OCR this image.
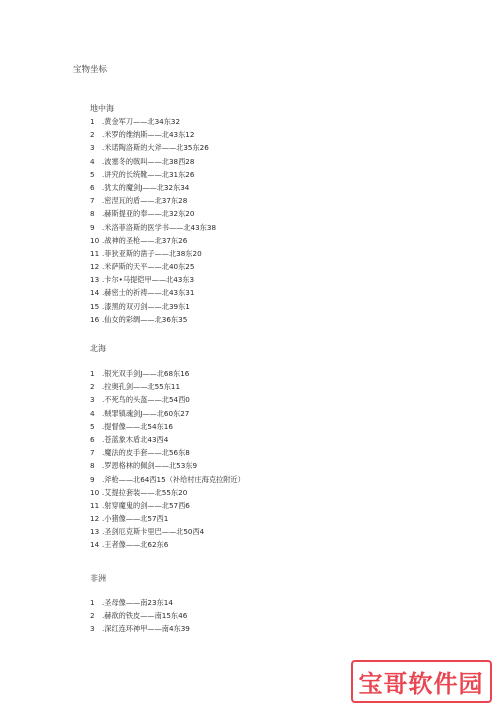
宝物坐标
地中海
1 .黄金军刀——北34东32
2 .米罗的维纳斯——北43东12
3 .米诺陶洛斯的大斧——北35东26
4 .波塞冬的戟叫——北38西28
5 .讲究的长统靴——北31东26
6 .犹太的魔剑J——北32东34
7 .密涅瓦的盾——北37东28
8 .赫斯提亚的奉——北32东20
9 .米洛菲洛斯的医学书——北43东38
10 .战神的圣枪——北37东26
11 .菲狄亚斯的凿子——北38东20
12 .米萨斯的天平——北40东25
13 .卡尔•马提铠甲——北43东3
14 .赫密士的祈祷——北43东31
15 .漆黑的双刃剑——北39东1
16 .仙女的彩绸——北36东35
北海
1 .银光双手剑J——北68东16
2 .拉奥孔剑——北55东11
3 .不死鸟的头盔——北54西0
4 .贼罪镇魂剑J——北60东27
5 .提督像——北54东16
6 .苍蓝象木盾北43西4
7 .魔法的皮手套——北56东8
8 .罗恩格林的佩剑——北53东9
9 .斧枪——北64西15（补给村庄海克拉附近）
10 .艾提拉套装——北55东20
11 .射穿魔鬼的剑——北57西6
12 .小猪像——北57西1
13 .圣剑厄克斯卡里巴——北50西4
14 .王者像——北62东6
非洲
1 .圣母像——南23东14
2 .赫欲的铁皮——南15东46
3 .深红连环神甲——南4东39
宝哥软件园
